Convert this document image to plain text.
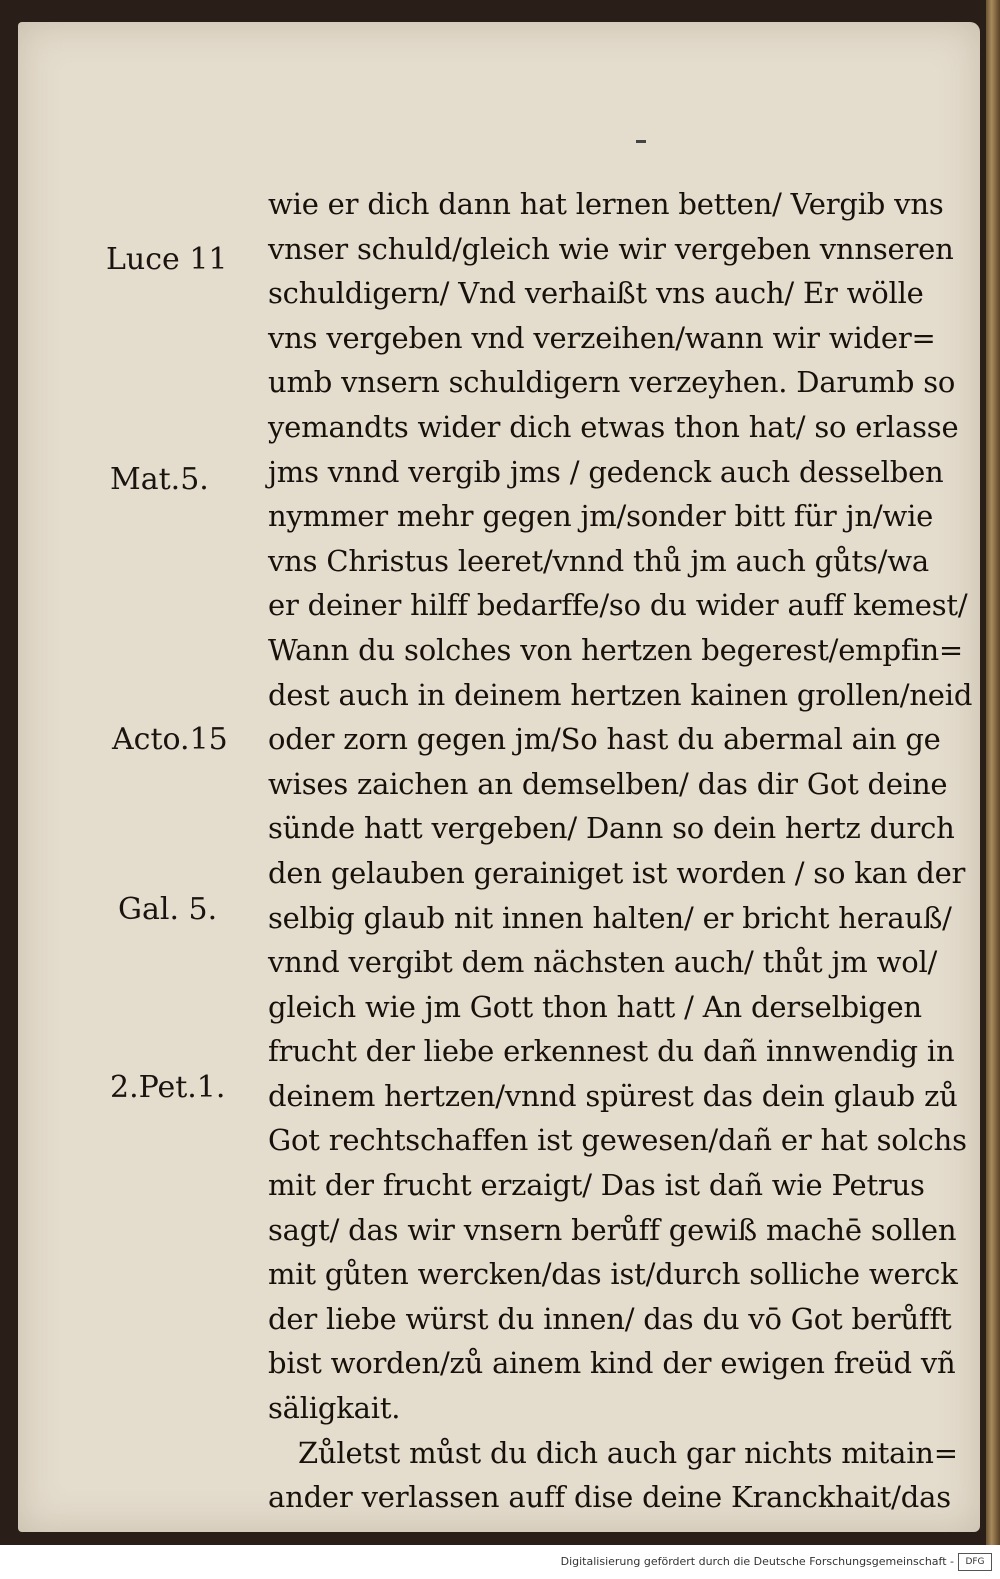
Luce 11
Mat.5.
Acto.15
Gal. 5.
2.Pet.1.
wie er dich dann hat lernen betten/ Vergib vns
vnser schuld/gleich wie wir vergeben vnnseren
schuldigern/ Vnd verhaißt vns auch/ Er wölle
vns vergeben vnd verzeihen/wann wir wider=
umb vnsern schuldigern verzeyhen. Darumb so
yemandts wider dich etwas thon hat/ so erlasse
jms vnnd vergib jms / gedenck auch desselben
nymmer mehr gegen jm/sonder bitt für jn/wie
vns Christus leeret/vnnd thů jm auch gůts/wa
er deiner hilff bedarffe/so du wider auff kemest/
Wann du solches von hertzen begerest/empfin=
dest auch in deinem hertzen kainen grollen/neid
oder zorn gegen jm/So hast du abermal ain ge
wises zaichen an demselben/ das dir Got deine
sünde hatt vergeben/ Dann so dein hertz durch
den gelauben gerainiget ist worden / so kan der
selbig glaub nit innen halten/ er bricht herauß/
vnnd vergibt dem nächsten auch/ thůt jm wol/
gleich wie jm Gott thon hatt / An derselbigen
frucht der liebe erkennest du dañ innwendig in
deinem hertzen/vnnd spürest das dein glaub zů
Got rechtschaffen ist gewesen/dañ er hat solchs
mit der frucht erzaigt/ Das ist dañ wie Petrus
sagt/ das wir vnsern berůff gewiß machē sollen
mit gůten wercken/das ist/durch solliche werck
der liebe würst du innen/ das du vō Got berůfft
bist worden/zů ainem kind der ewigen freüd vñ
säligkait.
Zůletst můst du dich auch gar nichts mitain=
ander verlassen auff dise deine Kranckhait/das
Digitalisierung gefördert durch die Deutsche Forschungsgemeinschaft -	DFG
